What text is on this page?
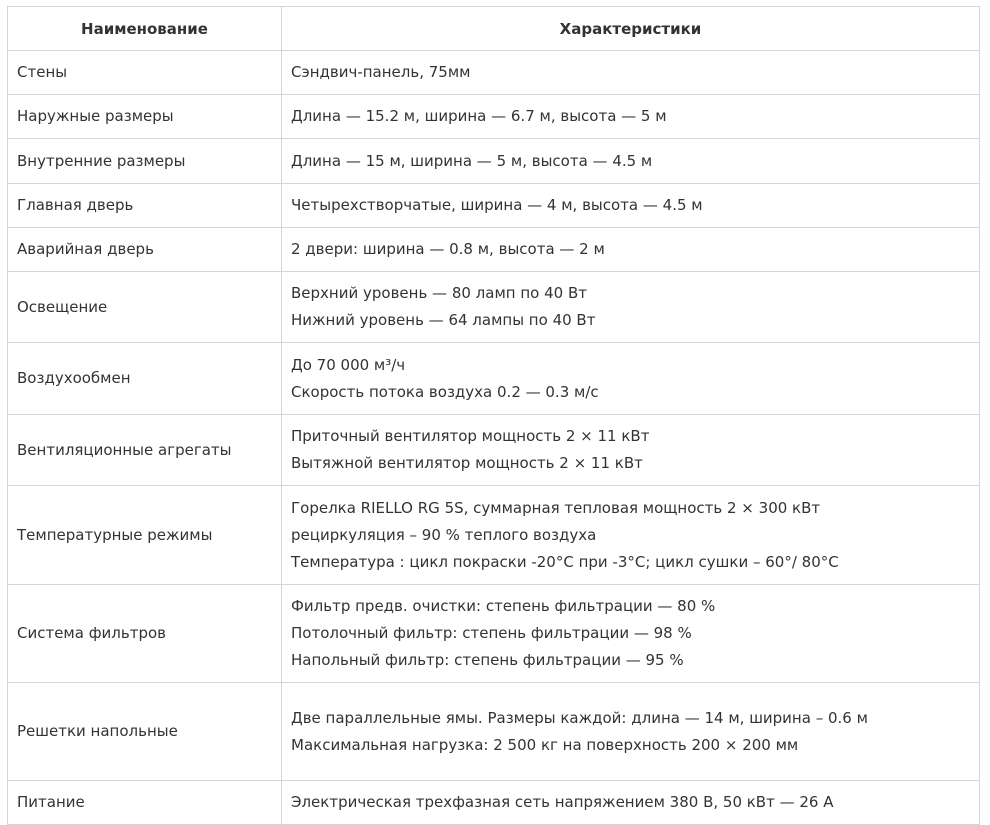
Наименование	Характеристики
Стены	Сэндвич-панель, 75мм

Наружные размеры	Длина — 15.2 м, ширина — 6.7 м, высота — 5 м

Внутренние размеры	Длина — 15 м, ширина — 5 м, высота — 4.5 м

Главная дверь	Четырехстворчатые, ширина — 4 м, высота — 4.5 м

Аварийная дверь	2 двери: ширина — 0.8 м, высота — 2 м

Освещение	Верхний уровень — 80 ламп по 40 Вт
Нижний уровень — 64 лампы по 40 Вт

Воздухообмен	До 70 000 м³/ч
Скорость потока воздуха 0.2 — 0.3 м/с

Вентиляционные агрегаты	Приточный вентилятор мощность 2 × 11 кВт
Вытяжной вентилятор мощность 2 × 11 кВт

Температурные режимы	Горелка RIELLO RG 5S, суммарная тепловая мощность 2 × 300 кВт
рециркуляция – 90 % теплого воздуха
Температура : цикл покраски -20°С при -3°С; цикл сушки – 60°/ 80°С

Система фильтров	Фильтр предв. очистки: степень фильтрации — 80 %
Потолочный фильтр: степень фильтрации — 98 %
Напольный фильтр: степень фильтрации — 95 %

Решетки напольные	Две параллельные ямы. Размеры каждой: длина — 14 м, ширина – 0.6 м
Максимальная нагрузка: 2 500 кг на поверхность 200 × 200 мм

Питание	Электрическая трехфазная сеть напряжением 380 В, 50 кВт — 26 А
